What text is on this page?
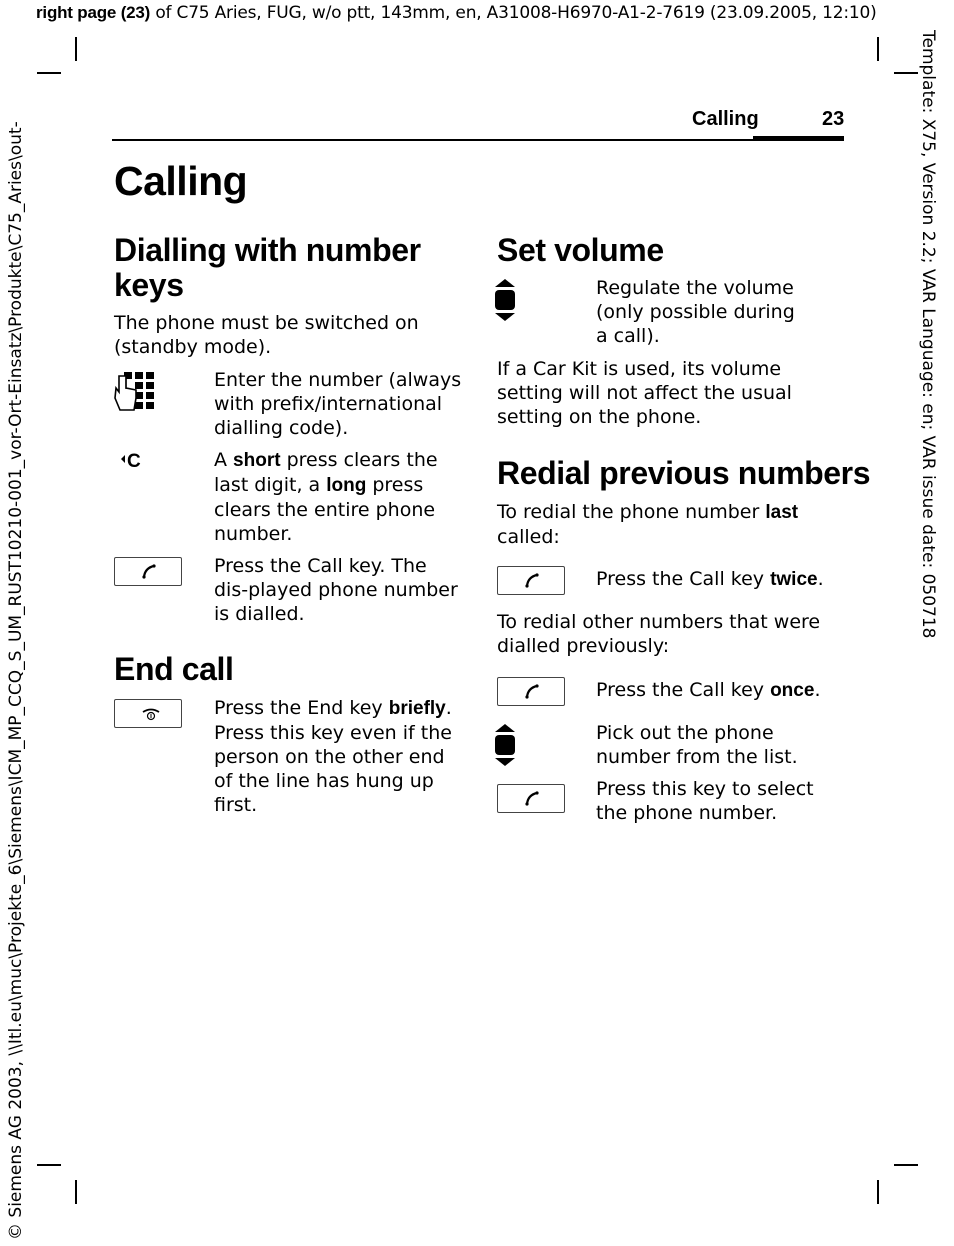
right page (23) of C75 Aries, FUG, w/o ptt, 143mm, en, A31008-H6970-A1-2-7619 (23.09.2005, 12:10)
Template: X75, Version 2.2; VAR Language: en; VAR issue date: 050718
© Siemens AG 2003, \\Itl.eu\muc\Projekte_6\Siemens\ICM_MP_CCQ_S_UM_RUST10210-001_vor-Ort-Einsatz\Produkte\C75_Aries\out-
Calling	23
Calling
Dialling with number keys

The phone must be switched on (standby mode).

Enter the number (always with prefix/international dialling code).

C	A short press clears the last digit, a long press clears the entire phone number.

Press the Call key. The dis-played phone number is dialled.

End call

Press the End key briefly. Press this key even if the person on the other end of the line has hung up first.

Set volume

Regulate the volume (only possible during a call).

If a Car Kit is used, its volume setting will not affect the usual setting on the phone.

Redial previous numbers

To redial the phone number last called:

Press the Call key twice.

To redial other numbers that were dialled previously:

Press the Call key once.

Pick out the phone number from the list.

Press this key to select the phone number.
